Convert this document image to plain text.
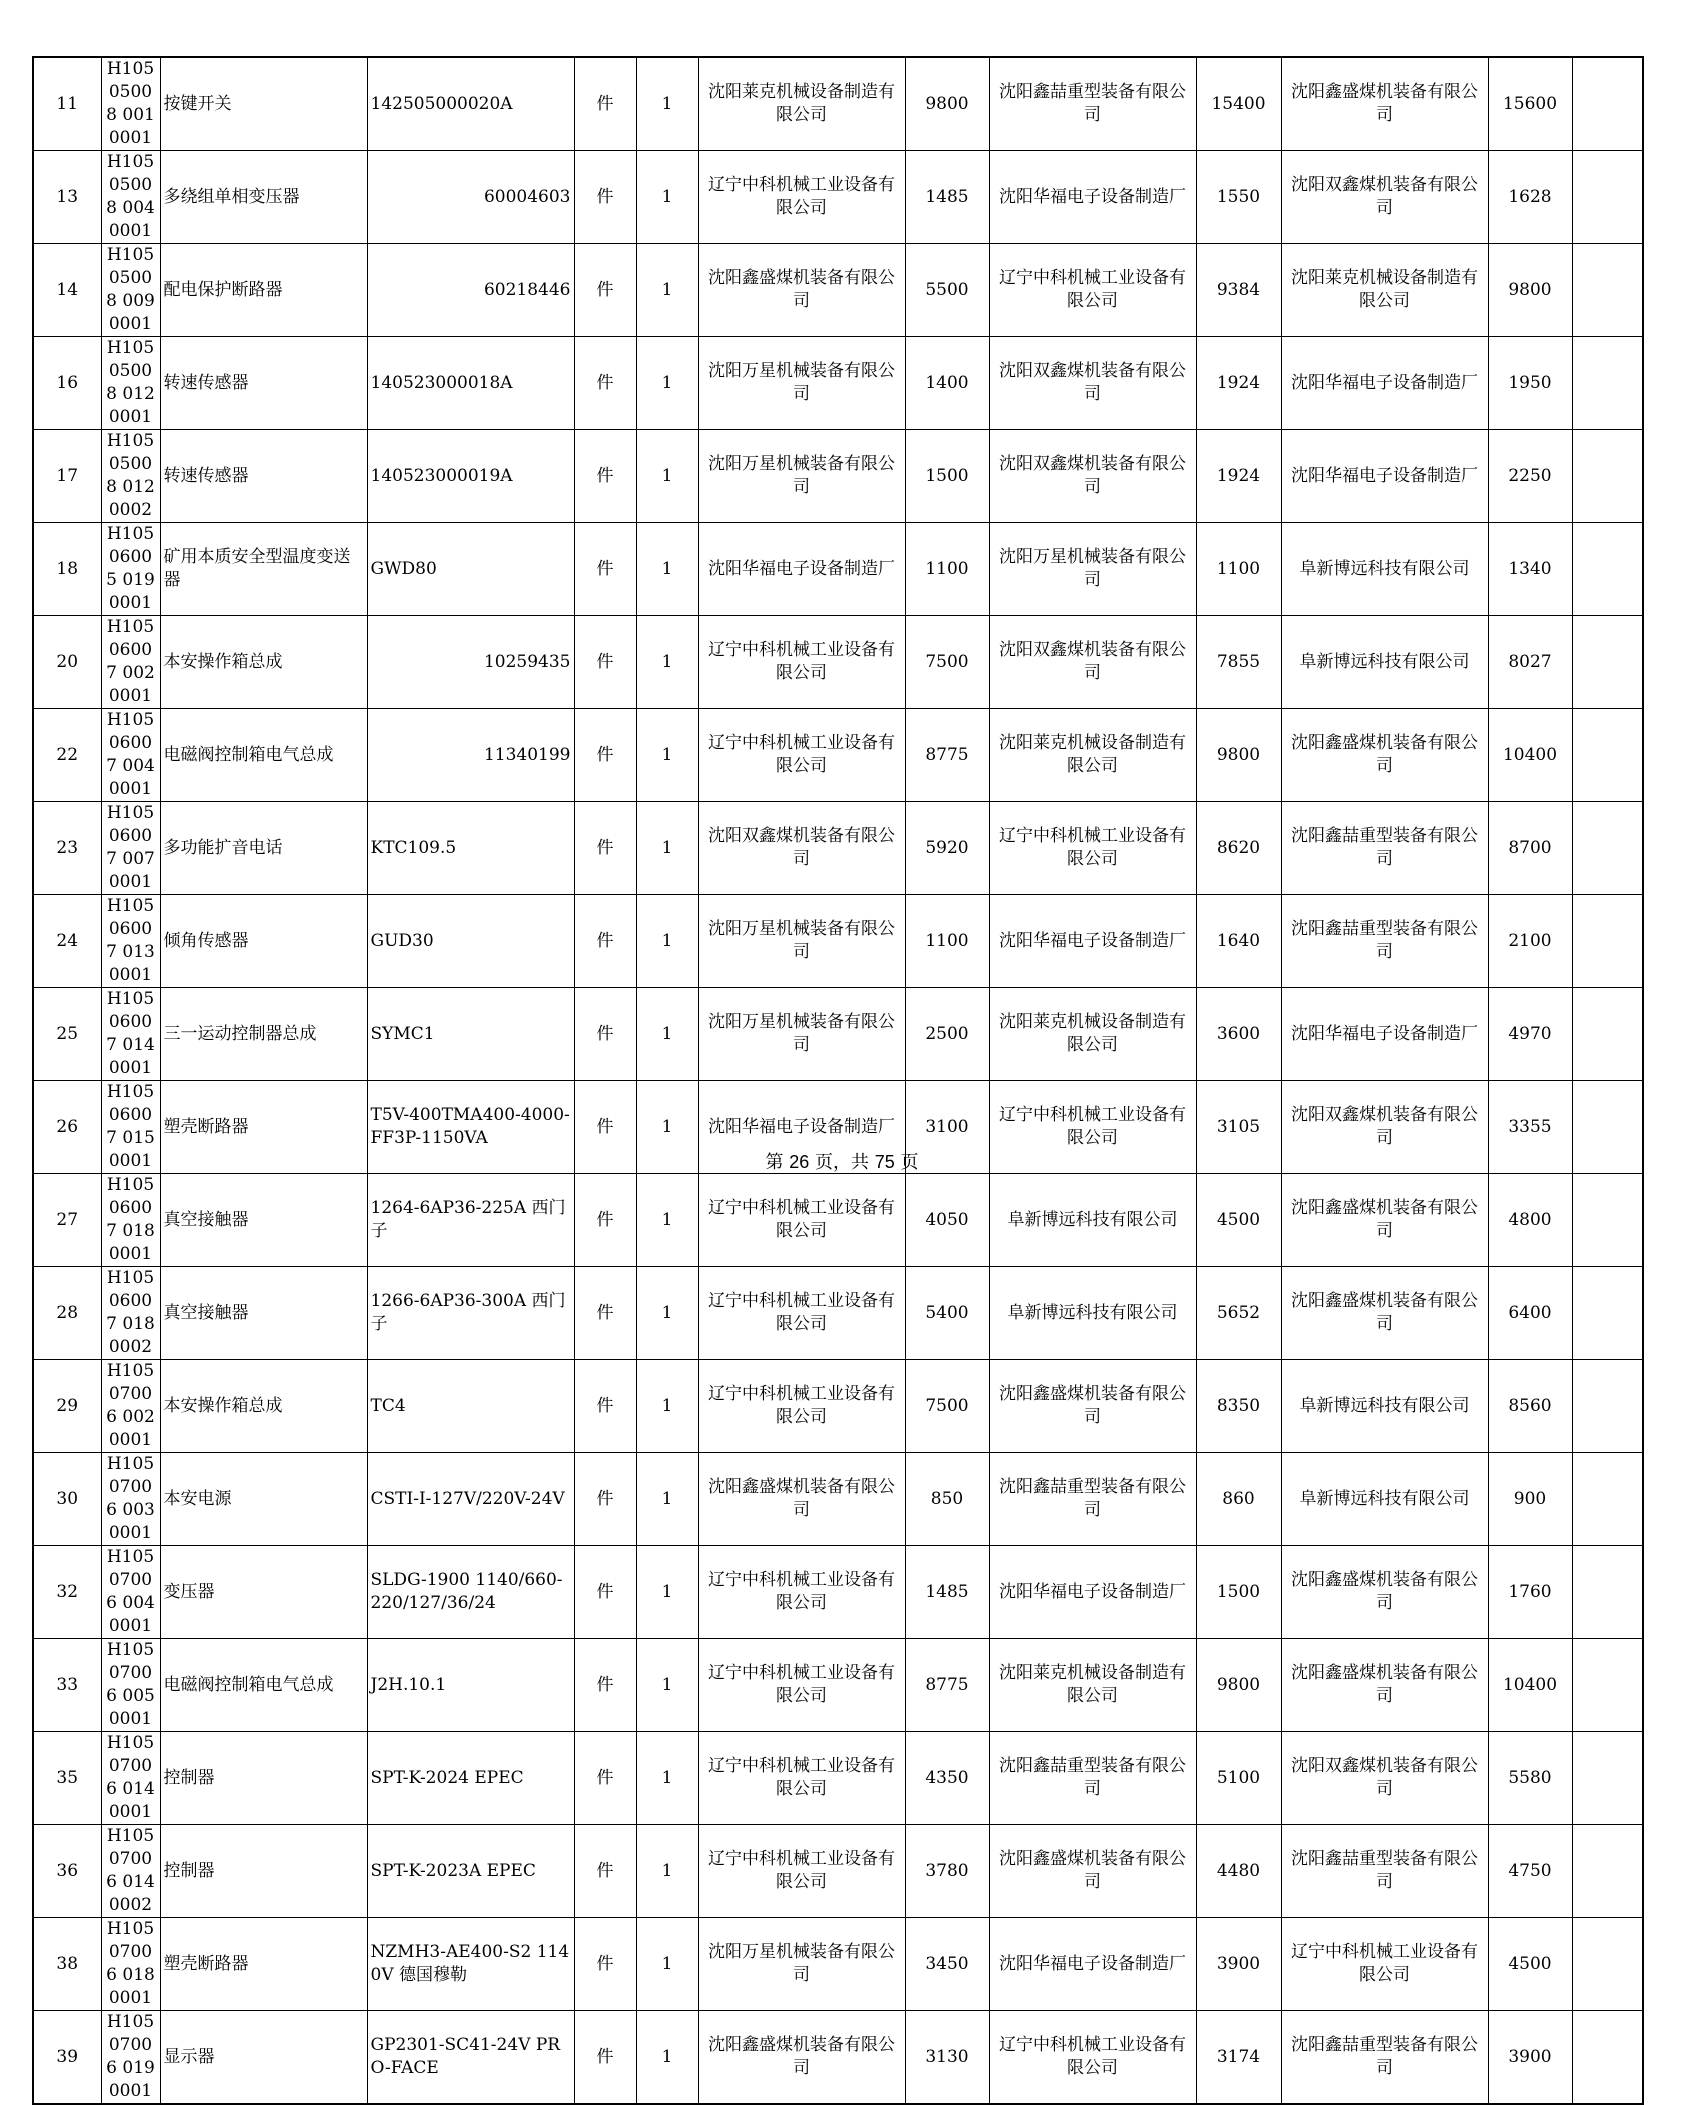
11	H10505008 0010001	按键开关	142505000020A	件	1	沈阳莱克机械设备制造有限公司	9800	沈阳鑫喆重型装备有限公司	15400	沈阳鑫盛煤机装备有限公司	15600	
13	H10505008 0040001	多绕组单相变压器	60004603	件	1	辽宁中科机械工业设备有限公司	1485	沈阳华福电子设备制造厂	1550	沈阳双鑫煤机装备有限公司	1628	
14	H10505008 0090001	配电保护断路器	60218446	件	1	沈阳鑫盛煤机装备有限公司	5500	辽宁中科机械工业设备有限公司	9384	沈阳莱克机械设备制造有限公司	9800	
16	H10505008 0120001	转速传感器	140523000018A	件	1	沈阳万星机械装备有限公司	1400	沈阳双鑫煤机装备有限公司	1924	沈阳华福电子设备制造厂	1950	
17	H10505008 0120002	转速传感器	140523000019A	件	1	沈阳万星机械装备有限公司	1500	沈阳双鑫煤机装备有限公司	1924	沈阳华福电子设备制造厂	2250	
18	H10506005 0190001	矿用本质安全型温度变送器	GWD80	件	1	沈阳华福电子设备制造厂	1100	沈阳万星机械装备有限公司	1100	阜新博远科技有限公司	1340	
20	H10506007 0020001	本安操作箱总成	10259435	件	1	辽宁中科机械工业设备有限公司	7500	沈阳双鑫煤机装备有限公司	7855	阜新博远科技有限公司	8027	
22	H10506007 0040001	电磁阀控制箱电气总成	11340199	件	1	辽宁中科机械工业设备有限公司	8775	沈阳莱克机械设备制造有限公司	9800	沈阳鑫盛煤机装备有限公司	10400	
23	H10506007 0070001	多功能扩音电话	KTC109.5	件	1	沈阳双鑫煤机装备有限公司	5920	辽宁中科机械工业设备有限公司	8620	沈阳鑫喆重型装备有限公司	8700	
24	H10506007 0130001	倾角传感器	GUD30	件	1	沈阳万星机械装备有限公司	1100	沈阳华福电子设备制造厂	1640	沈阳鑫喆重型装备有限公司	2100	
25	H10506007 0140001	三一运动控制器总成	SYMC1	件	1	沈阳万星机械装备有限公司	2500	沈阳莱克机械设备制造有限公司	3600	沈阳华福电子设备制造厂	4970	
26	H10506007 0150001	塑壳断路器	T5V-400TMA400-4000-FF3P-1150VA	件	1	沈阳华福电子设备制造厂	3100	辽宁中科机械工业设备有限公司	3105	沈阳双鑫煤机装备有限公司	3355	
27	H10506007 0180001	真空接触器	1264-6AP36-225A 西门子	件	1	辽宁中科机械工业设备有限公司	4050	阜新博远科技有限公司	4500	沈阳鑫盛煤机装备有限公司	4800	
28	H10506007 0180002	真空接触器	1266-6AP36-300A 西门子	件	1	辽宁中科机械工业设备有限公司	5400	阜新博远科技有限公司	5652	沈阳鑫盛煤机装备有限公司	6400	
29	H10507006 0020001	本安操作箱总成	TC4	件	1	辽宁中科机械工业设备有限公司	7500	沈阳鑫盛煤机装备有限公司	8350	阜新博远科技有限公司	8560	
30	H10507006 0030001	本安电源	CSTI-I-127V/220V-24V	件	1	沈阳鑫盛煤机装备有限公司	850	沈阳鑫喆重型装备有限公司	860	阜新博远科技有限公司	900	
32	H10507006 0040001	变压器	SLDG-1900 1140/660-220/127/36/24	件	1	辽宁中科机械工业设备有限公司	1485	沈阳华福电子设备制造厂	1500	沈阳鑫盛煤机装备有限公司	1760	
33	H10507006 0050001	电磁阀控制箱电气总成	J2H.10.1	件	1	辽宁中科机械工业设备有限公司	8775	沈阳莱克机械设备制造有限公司	9800	沈阳鑫盛煤机装备有限公司	10400	
35	H10507006 0140001	控制器	SPT-K-2024 EPEC	件	1	辽宁中科机械工业设备有限公司	4350	沈阳鑫喆重型装备有限公司	5100	沈阳双鑫煤机装备有限公司	5580	
36	H10507006 0140002	控制器	SPT-K-2023A EPEC	件	1	辽宁中科机械工业设备有限公司	3780	沈阳鑫盛煤机装备有限公司	4480	沈阳鑫喆重型装备有限公司	4750	
38	H10507006 0180001	塑壳断路器	NZMH3-AE400-S2 1140V 德国穆勒	件	1	沈阳万星机械装备有限公司	3450	沈阳华福电子设备制造厂	3900	辽宁中科机械工业设备有限公司	4500	
39	H10507006 0190001	显示器	GP2301-SC41-24V PRO-FACE	件	1	沈阳鑫盛煤机装备有限公司	3130	辽宁中科机械工业设备有限公司	3174	沈阳鑫喆重型装备有限公司	3900	
第 26 页，共 75 页
